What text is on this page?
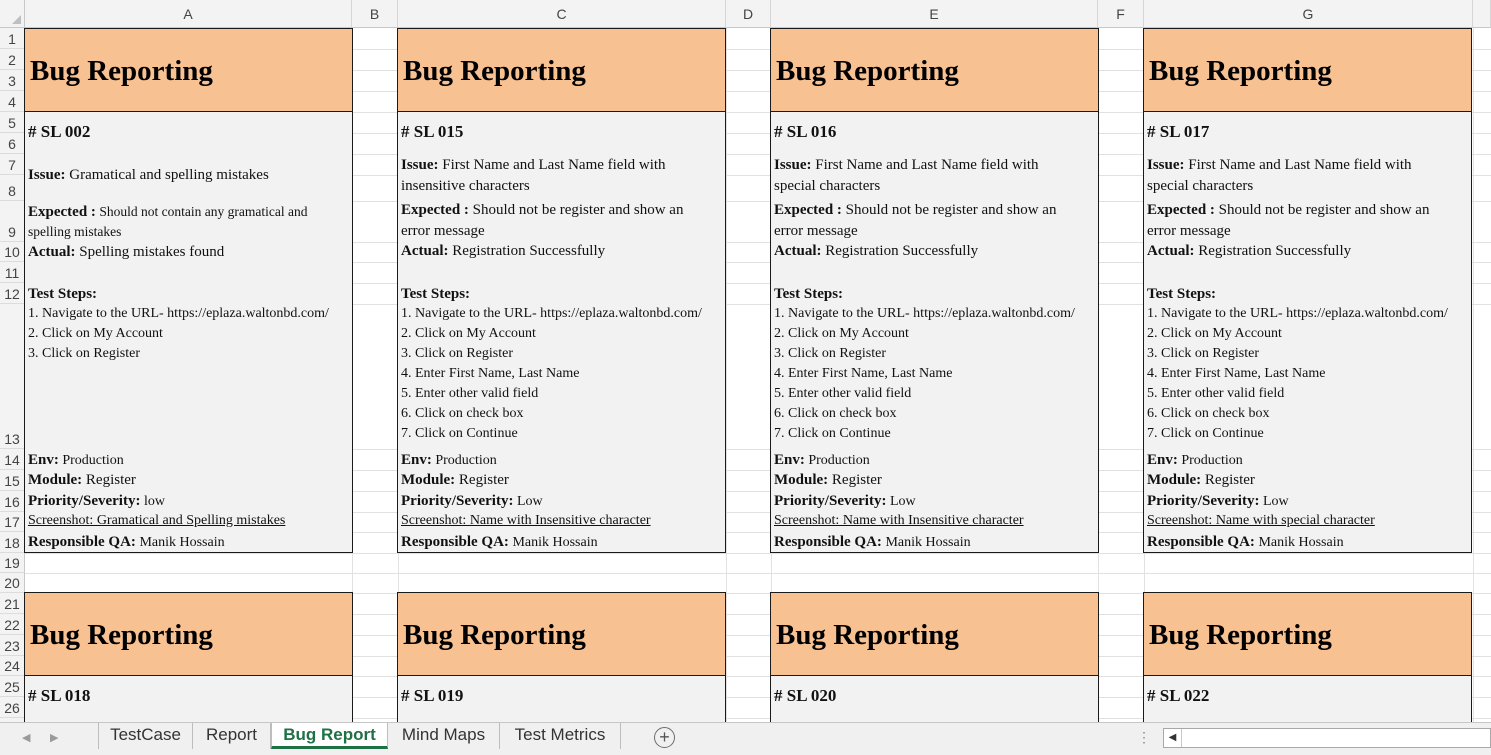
A	B	C	D	E	F	G
1
2
3
4
5
6
7
8
9
10
11
12
13
14
15
16
17
18
19
20
21
22
23
24
25
26
Bug Reporting
# SL 002
Issue: Gramatical and spelling mistakes
Expected : Should not contain any gramatical and
spelling mistakes
Actual: Spelling mistakes found
Test Steps:
1. Navigate to the URL- https://eplaza.waltonbd.com/
2. Click on My Account
3. Click on Register
Env: Production
Module: Register
Priority/Severity: low
Screenshot: Gramatical and Spelling mistakes
Responsible QA: Manik Hossain
Bug Reporting
# SL 015
Issue: First Name and Last Name field with
insensitive characters
Expected : Should not be register and show an
error message
Actual: Registration Successfully
Test Steps:
1. Navigate to the URL- https://eplaza.waltonbd.com/
2. Click on My Account
3. Click on Register
4. Enter First Name, Last Name
5. Enter other valid field
6. Click on check box
7. Click on Continue
Env: Production
Module: Register
Priority/Severity: Low
Screenshot: Name with Insensitive character
Responsible QA: Manik Hossain
Bug Reporting
# SL 016
Issue: First Name and Last Name field with
special characters
Expected : Should not be register and show an
error message
Actual: Registration Successfully
Test Steps:
1. Navigate to the URL- https://eplaza.waltonbd.com/
2. Click on My Account
3. Click on Register
4. Enter First Name, Last Name
5. Enter other valid field
6. Click on check box
7. Click on Continue
Env: Production
Module: Register
Priority/Severity: Low
Screenshot: Name with Insensitive character
Responsible QA: Manik Hossain
Bug Reporting
# SL 017
Issue: First Name and Last Name field with
special characters
Expected : Should not be register and show an
error message
Actual: Registration Successfully
Test Steps:
1. Navigate to the URL- https://eplaza.waltonbd.com/
2. Click on My Account
3. Click on Register
4. Enter First Name, Last Name
5. Enter other valid field
6. Click on check box
7. Click on Continue
Env: Production
Module: Register
Priority/Severity: Low
Screenshot: Name with special character
Responsible QA: Manik Hossain
Bug Reporting
# SL 018
Bug Reporting
# SL 019
Bug Reporting
# SL 020
Bug Reporting
# SL 022
◀ ▶	TestCase	Report	Bug Report	Mind Maps	Test Metrics	+	⋮	◀
